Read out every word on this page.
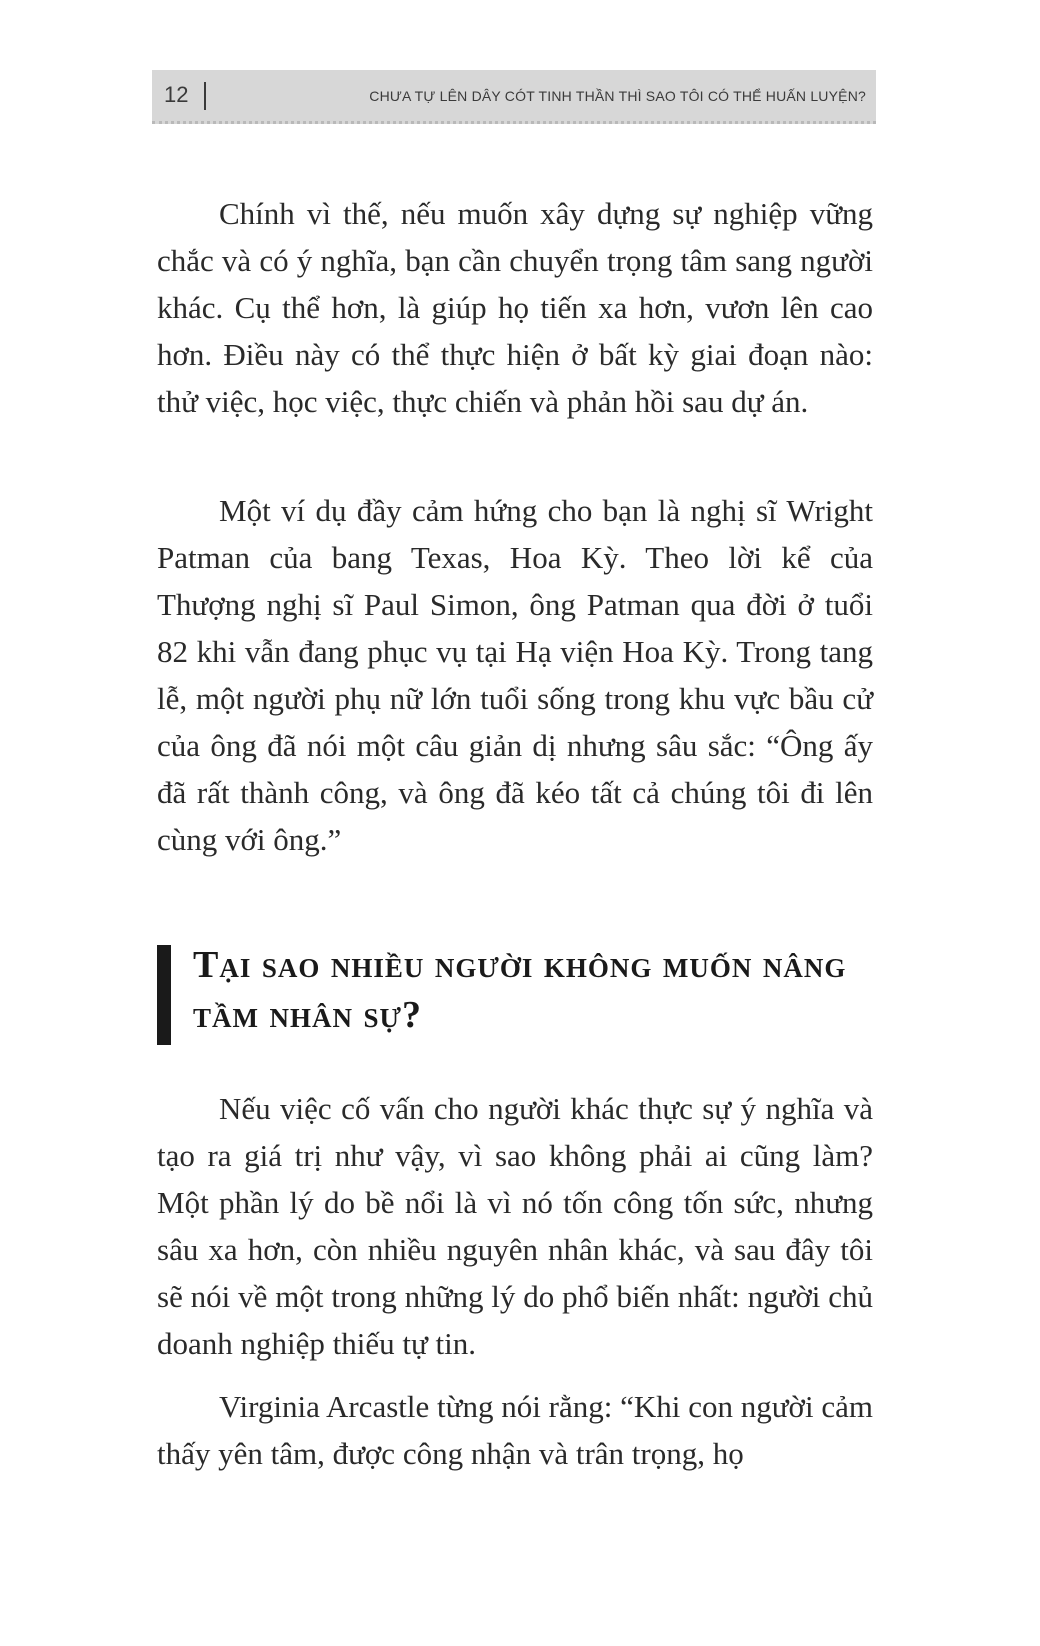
12	CHƯA TỰ LÊN DÂY CÓT TINH THẦN THÌ SAO TÔI CÓ THỂ HUẤN LUYỆN?

Chính vì thế, nếu muốn xây dựng sự nghiệp vững chắc và có ý nghĩa, bạn cần chuyển trọng tâm sang người khác. Cụ thể hơn, là giúp họ tiến xa hơn, vươn lên cao hơn. Điều này có thể thực hiện ở bất kỳ giai đoạn nào: thử việc, học việc, thực chiến và phản hồi sau dự án.

Một ví dụ đầy cảm hứng cho bạn là nghị sĩ Wright Patman của bang Texas, Hoa Kỳ. Theo lời kể của Thượng nghị sĩ Paul Simon, ông Patman qua đời ở tuổi 82 khi vẫn đang phục vụ tại Hạ viện Hoa Kỳ. Trong tang lễ, một người phụ nữ lớn tuổi sống trong khu vực bầu cử của ông đã nói một câu giản dị nhưng sâu sắc: “Ông ấy đã rất thành công, và ông đã kéo tất cả chúng tôi đi lên cùng với ông.”

Tại sao nhiều người không muốn nâng tầm nhân sự?

Nếu việc cố vấn cho người khác thực sự ý nghĩa và tạo ra giá trị như vậy, vì sao không phải ai cũng làm? Một phần lý do bề nổi là vì nó tốn công tốn sức, nhưng sâu xa hơn, còn nhiều nguyên nhân khác, và sau đây tôi sẽ nói về một trong những lý do phổ biến nhất: người chủ doanh nghiệp thiếu tự tin.

Virginia Arcastle từng nói rằng: “Khi con người cảm thấy yên tâm, được công nhận và trân trọng, họ
